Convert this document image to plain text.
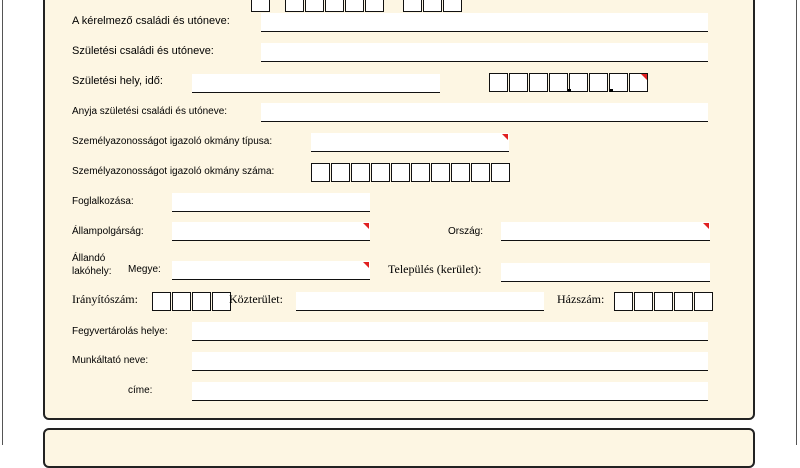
A kérelmező családi és utóneve:
Születési családi és utóneve:
Születési hely, idő:
Anyja születési családi és utóneve:
Személyazonosságot igazoló okmány típusa:
Személyazonosságot igazoló okmány száma:
Foglalkozása:
Állampolgárság:	Ország:
Állandó
lakóhely: Megye:	Település (kerület):
Irányítószám:	Közterület:	Házszám:
Fegyvertárolás helye:
Munkáltató neve:
címe:
